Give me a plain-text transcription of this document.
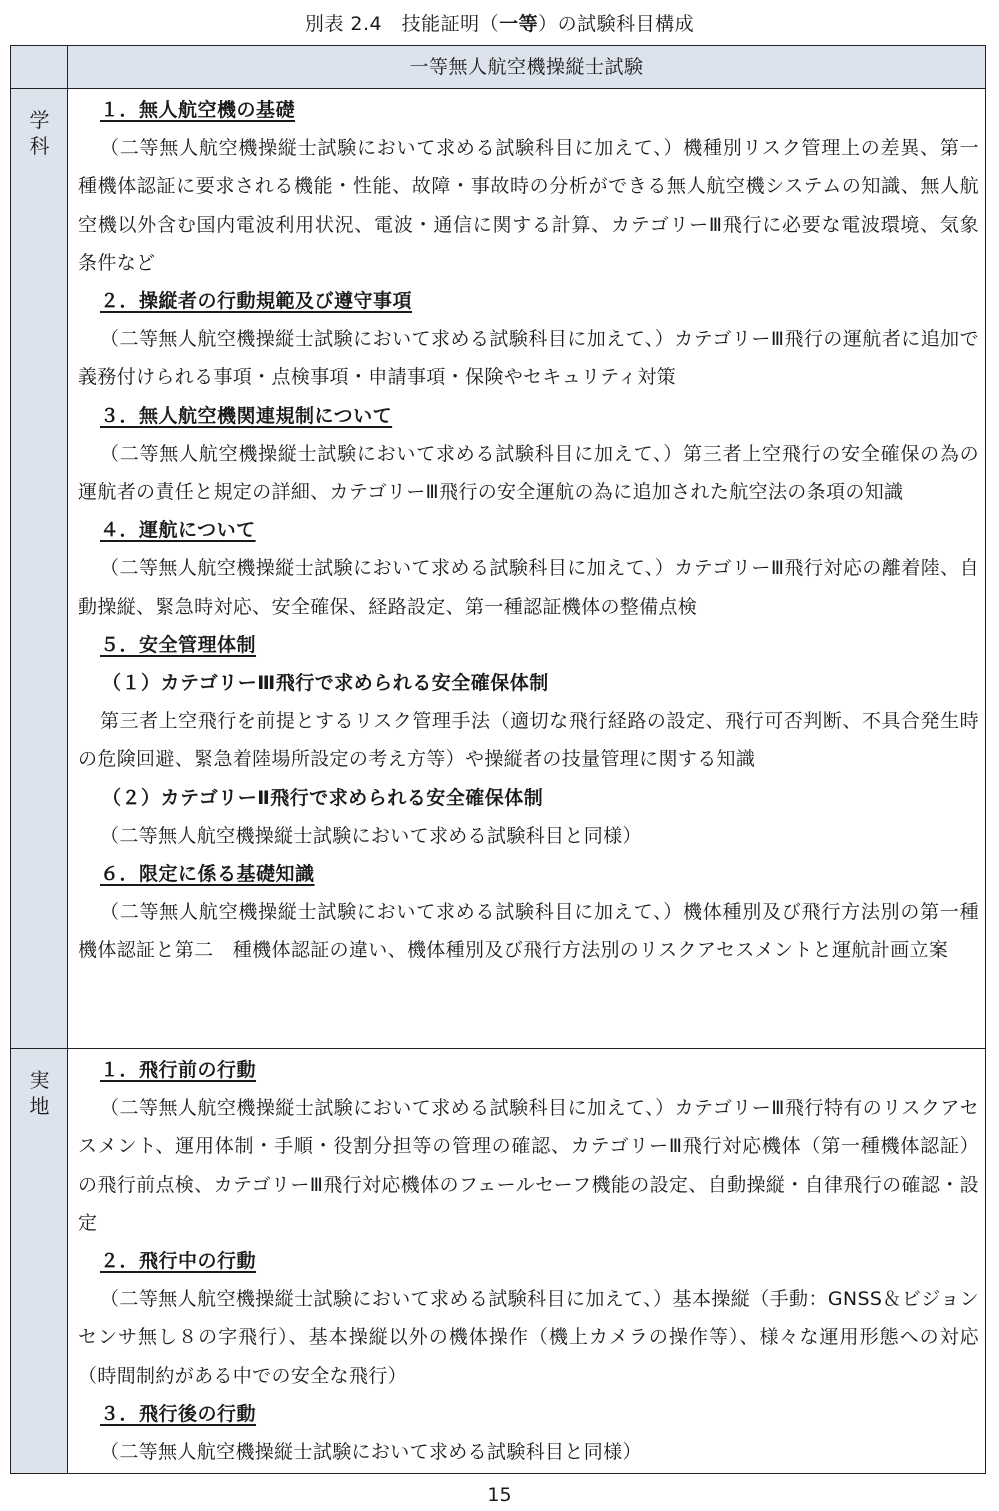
別表 2.4　技能証明（一等）の試験科目構成
一等無人航空機操縦士試験
学
科
１．無人航空機の基礎
（二等無人航空機操縦士試験において求める試験科目に加えて、）機種別リスク管理上の差異、第一種機体認証に要求される機能・性能、故障・事故時の分析ができる無人航空機システムの知識、無人航空機以外含む国内電波利用状況、電波・通信に関する計算、カテゴリーⅢ飛行に必要な電波環境、気象条件など
２．操縦者の行動規範及び遵守事項
（二等無人航空機操縦士試験において求める試験科目に加えて、）カテゴリーⅢ飛行の運航者に追加で義務付けられる事項・点検事項・申請事項・保険やセキュリティ対策
３．無人航空機関連規制について
（二等無人航空機操縦士試験において求める試験科目に加えて、）第三者上空飛行の安全確保の為の運航者の責任と規定の詳細、カテゴリーⅢ飛行の安全運航の為に追加された航空法の条項の知識
４．運航について
（二等無人航空機操縦士試験において求める試験科目に加えて、）カテゴリーⅢ飛行対応の離着陸、自動操縦、緊急時対応、安全確保、経路設定、第一種認証機体の整備点検
５．安全管理体制
（１）カテゴリーⅢ飛行で求められる安全確保体制
第三者上空飛行を前提とするリスク管理手法（適切な飛行経路の設定、飛行可否判断、不具合発生時の危険回避、緊急着陸場所設定の考え方等）や操縦者の技量管理に関する知識
（２）カテゴリーⅡ飛行で求められる安全確保体制
（二等無人航空機操縦士試験において求める試験科目と同様）
６．限定に係る基礎知識
（二等無人航空機操縦士試験において求める試験科目に加えて、）機体種別及び飛行方法別の第一種機体認証と第二　種機体認証の違い、機体種別及び飛行方法別のリスクアセスメントと運航計画立案
実
地
１．飛行前の行動
（二等無人航空機操縦士試験において求める試験科目に加えて、）カテゴリーⅢ飛行特有のリスクアセスメント、運用体制・手順・役割分担等の管理の確認、カテゴリーⅢ飛行対応機体（第一種機体認証）の飛行前点検、カテゴリーⅢ飛行対応機体のフェールセーフ機能の設定、自動操縦・自律飛行の確認・設定
２．飛行中の行動
（二等無人航空機操縦士試験において求める試験科目に加えて、）基本操縦（手動：GNSS＆ビジョンセンサ無し８の字飛行）、基本操縦以外の機体操作（機上カメラの操作等）、様々な運用形態への対応（時間制約がある中での安全な飛行）
３．飛行後の行動
（二等無人航空機操縦士試験において求める試験科目と同様）
15
